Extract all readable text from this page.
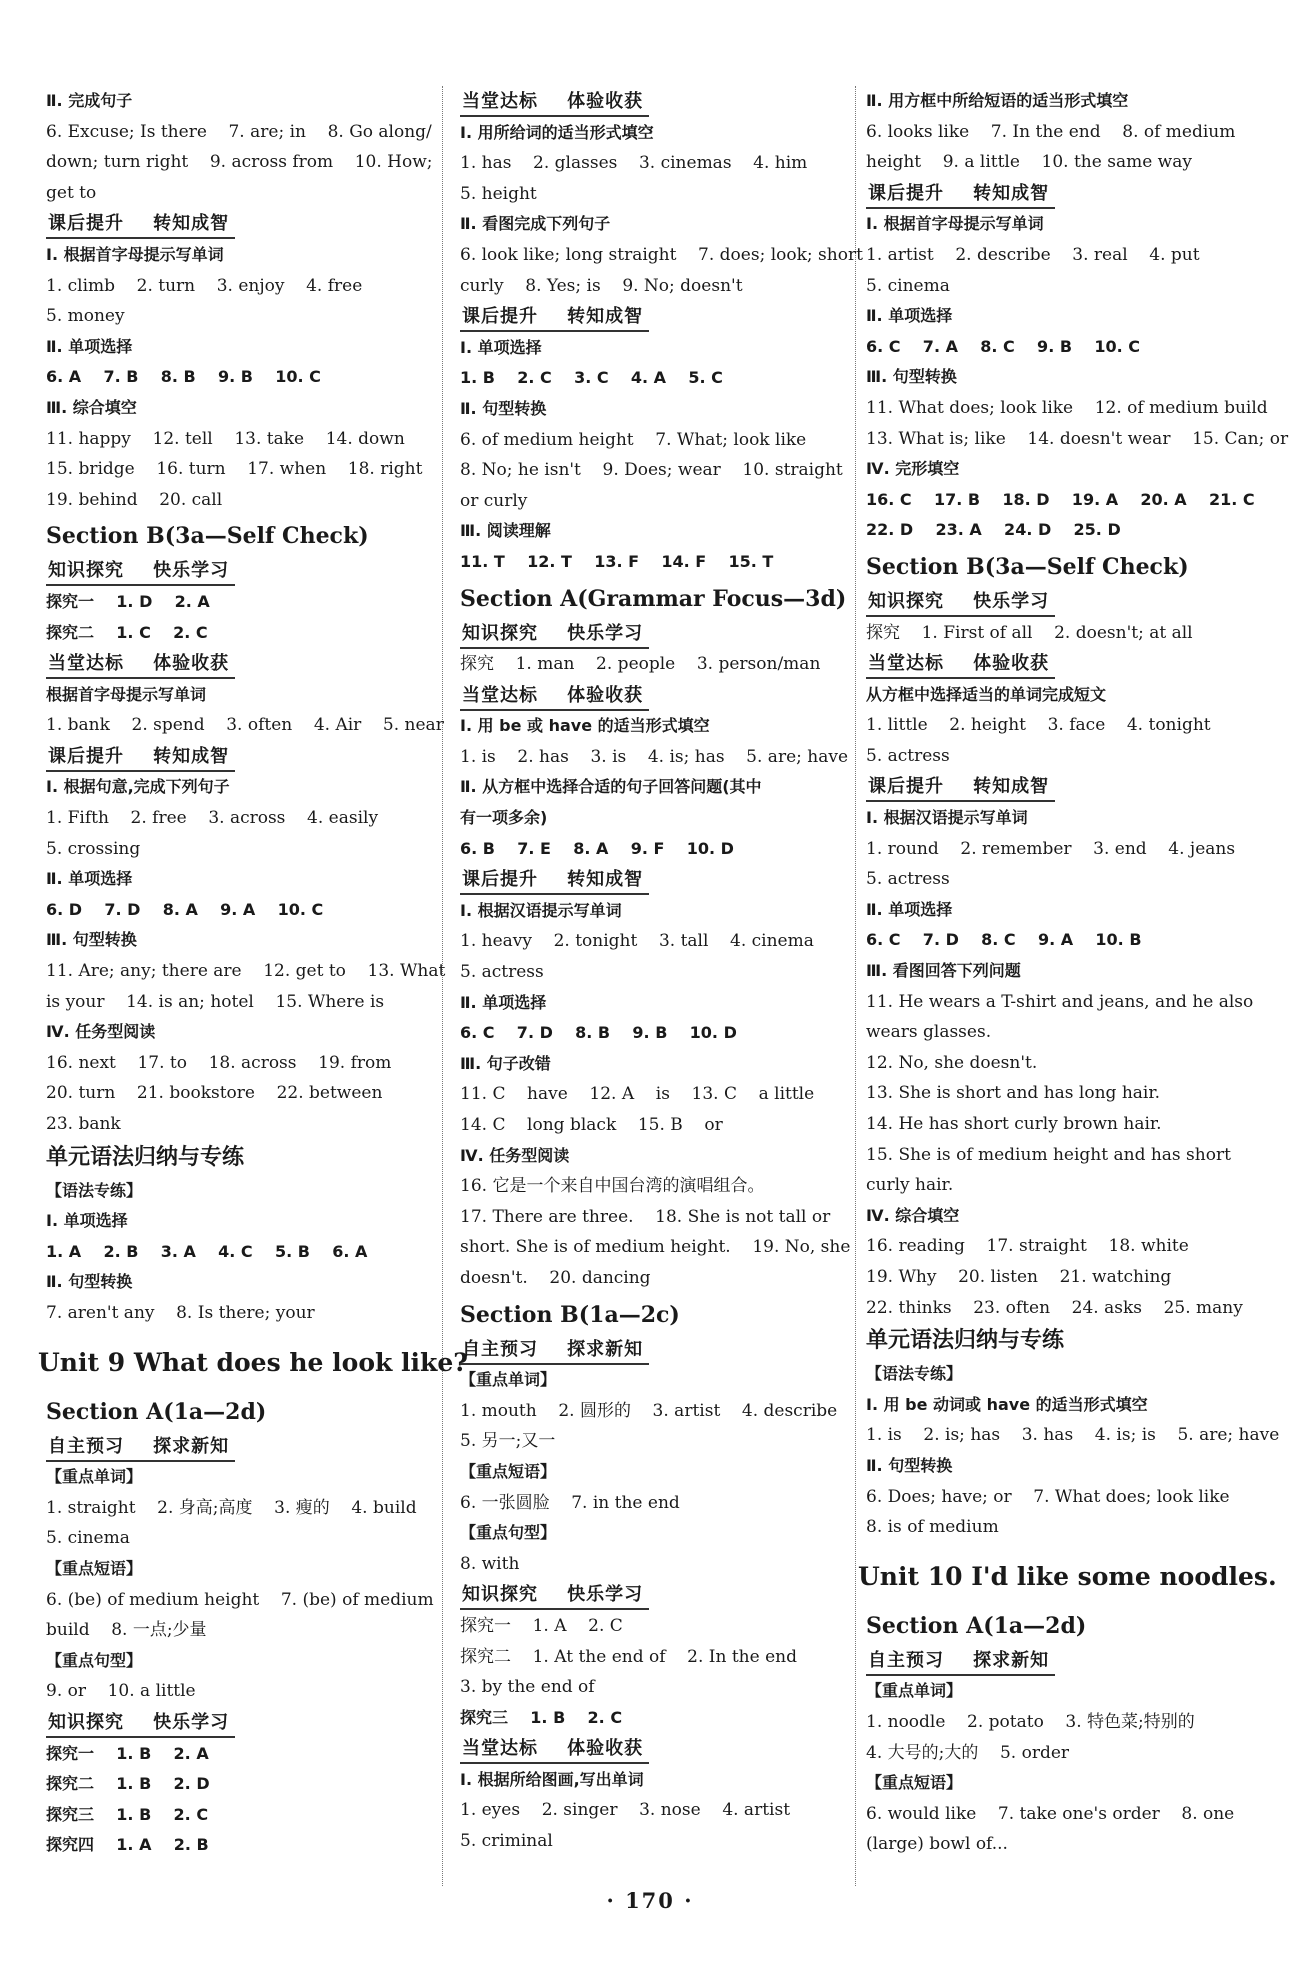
Ⅱ. 完成句子
6. Excuse; Is there    7. are; in    8. Go along/
down; turn right    9. across from    10. How;
get to
课后提升    转知成智
Ⅰ. 根据首字母提示写单词
1. climb    2. turn    3. enjoy    4. free
5. money
Ⅱ. 单项选择
6. A    7. B    8. B    9. B    10. C
Ⅲ. 综合填空
11. happy    12. tell    13. take    14. down
15. bridge    16. turn    17. when    18. right
19. behind    20. call
Section B(3a—Self Check)
知识探究    快乐学习
探究一    1. D    2. A
探究二    1. C    2. C
当堂达标    体验收获
根据首字母提示写单词
1. bank    2. spend    3. often    4. Air    5. near
课后提升    转知成智
Ⅰ. 根据句意,完成下列句子
1. Fifth    2. free    3. across    4. easily
5. crossing
Ⅱ. 单项选择
6. D    7. D    8. A    9. A    10. C
Ⅲ. 句型转换
11. Are; any; there are    12. get to    13. What
is your    14. is an; hotel    15. Where is
Ⅳ. 任务型阅读
16. next    17. to    18. across    19. from
20. turn    21. bookstore    22. between
23. bank
单元语法归纳与专练
【语法专练】
Ⅰ. 单项选择
1. A    2. B    3. A    4. C    5. B    6. A
Ⅱ. 句型转换
7. aren't any    8. Is there; your
Unit 9 What does he look like?
Section A(1a—2d)
自主预习    探求新知
【重点单词】
1. straight    2. 身高;高度    3. 瘦的    4. build
5. cinema
【重点短语】
6. (be) of medium height    7. (be) of medium
build    8. 一点;少量
【重点句型】
9. or    10. a little
知识探究    快乐学习
探究一    1. B    2. A
探究二    1. B    2. D
探究三    1. B    2. C
探究四    1. A    2. B
当堂达标    体验收获
Ⅰ. 用所给词的适当形式填空
1. has    2. glasses    3. cinemas    4. him
5. height
Ⅱ. 看图完成下列句子
6. look like; long straight    7. does; look; short
curly    8. Yes; is    9. No; doesn't
课后提升    转知成智
Ⅰ. 单项选择
1. B    2. C    3. C    4. A    5. C
Ⅱ. 句型转换
6. of medium height    7. What; look like
8. No; he isn't    9. Does; wear    10. straight
or curly
Ⅲ. 阅读理解
11. T    12. T    13. F    14. F    15. T
Section A(Grammar Focus—3d)
知识探究    快乐学习
探究    1. man    2. people    3. person/man
当堂达标    体验收获
Ⅰ. 用 be 或 have 的适当形式填空
1. is    2. has    3. is    4. is; has    5. are; have
Ⅱ. 从方框中选择合适的句子回答问题(其中
有一项多余)
6. B    7. E    8. A    9. F    10. D
课后提升    转知成智
Ⅰ. 根据汉语提示写单词
1. heavy    2. tonight    3. tall    4. cinema
5. actress
Ⅱ. 单项选择
6. C    7. D    8. B    9. B    10. D
Ⅲ. 句子改错
11. C    have    12. A    is    13. C    a little
14. C    long black    15. B    or
Ⅳ. 任务型阅读
16. 它是一个来自中国台湾的演唱组合。
17. There are three.    18. She is not tall or
short. She is of medium height.    19. No, she
doesn't.    20. dancing
Section B(1a—2c)
自主预习    探求新知
【重点单词】
1. mouth    2. 圆形的    3. artist    4. describe
5. 另一;又一
【重点短语】
6. 一张圆脸    7. in the end
【重点句型】
8. with
知识探究    快乐学习
探究一    1. A    2. C
探究二    1. At the end of    2. In the end
3. by the end of
探究三    1. B    2. C
当堂达标    体验收获
Ⅰ. 根据所给图画,写出单词
1. eyes    2. singer    3. nose    4. artist
5. criminal
Ⅱ. 用方框中所给短语的适当形式填空
6. looks like    7. In the end    8. of medium
height    9. a little    10. the same way
课后提升    转知成智
Ⅰ. 根据首字母提示写单词
1. artist    2. describe    3. real    4. put
5. cinema
Ⅱ. 单项选择
6. C    7. A    8. C    9. B    10. C
Ⅲ. 句型转换
11. What does; look like    12. of medium build
13. What is; like    14. doesn't wear    15. Can; or
Ⅳ. 完形填空
16. C    17. B    18. D    19. A    20. A    21. C
22. D    23. A    24. D    25. D
Section B(3a—Self Check)
知识探究    快乐学习
探究    1. First of all    2. doesn't; at all
当堂达标    体验收获
从方框中选择适当的单词完成短文
1. little    2. height    3. face    4. tonight
5. actress
课后提升    转知成智
Ⅰ. 根据汉语提示写单词
1. round    2. remember    3. end    4. jeans
5. actress
Ⅱ. 单项选择
6. C    7. D    8. C    9. A    10. B
Ⅲ. 看图回答下列问题
11. He wears a T-shirt and jeans, and he also
wears glasses.
12. No, she doesn't.
13. She is short and has long hair.
14. He has short curly brown hair.
15. She is of medium height and has short
curly hair.
Ⅳ. 综合填空
16. reading    17. straight    18. white
19. Why    20. listen    21. watching
22. thinks    23. often    24. asks    25. many
单元语法归纳与专练
【语法专练】
Ⅰ. 用 be 动词或 have 的适当形式填空
1. is    2. is; has    3. has    4. is; is    5. are; have
Ⅱ. 句型转换
6. Does; have; or    7. What does; look like
8. is of medium
Unit 10 I'd like some noodles.
Section A(1a—2d)
自主预习    探求新知
【重点单词】
1. noodle    2. potato    3. 特色菜;特别的
4. 大号的;大的    5. order
【重点短语】
6. would like    7. take one's order    8. one
(large) bowl of...
· 170 ·
